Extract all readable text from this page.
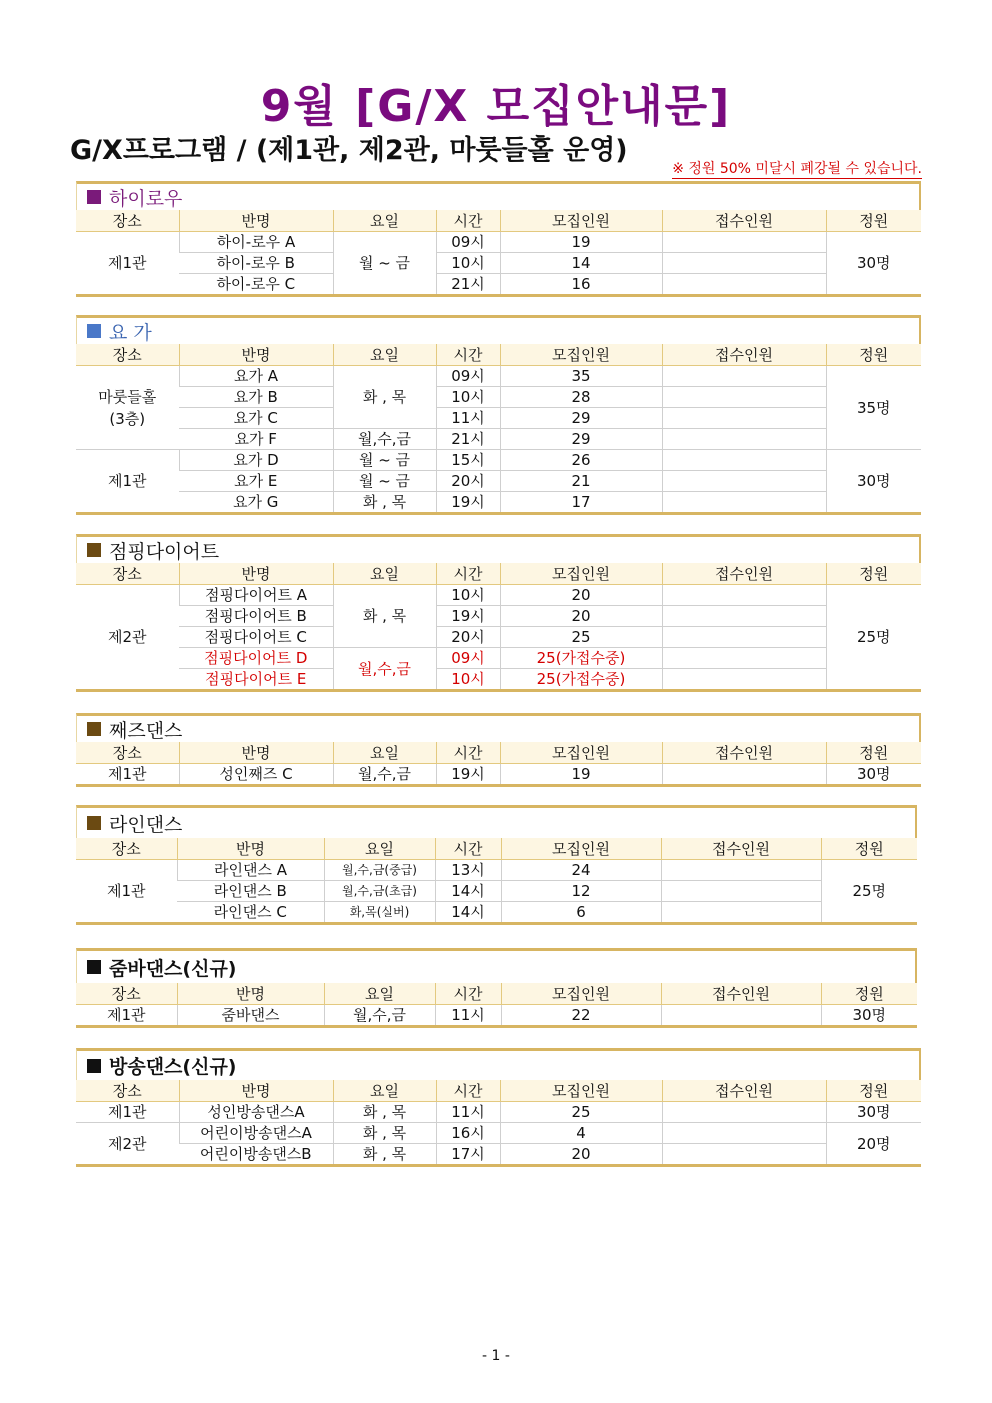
9월 [G/X 모집안내문]
G/X프로그램 / (제1관, 제2관, 마룻들홀 운영)
※ 정원 50% 미달시 폐강될 수 있습니다.
하이로우
장소	반명	요일	시간	모집인원	접수인원	정원
제1관	하이-로우 A	월 ~ 금	09시	19		30명
	하이-로우 B		10시	14		
	하이-로우 C		21시	16		
요 가
장소	반명	요일	시간	모집인원	접수인원	정원

마룻들홀
(3층)	요가 A	화 , 목	09시	35		35명
	요가 B		10시	28		
	요가 C		11시	29		
	요가 F	월,수,금	21시	29		
제1관	요가 D	월 ~ 금	15시	26		30명
	요가 E	월 ~ 금	20시	21		
	요가 G	화 , 목	19시	17		
점핑다이어트
장소	반명	요일	시간	모집인원	접수인원	정원
제2관	점핑다이어트 A	화 , 목	10시	20		25명
	점핑다이어트 B		19시	20		
	점핑다이어트 C		20시	25		
	점핑다이어트 D	월,수,금	09시	25(가접수중)		
	점핑다이어트 E		10시	25(가접수중)		
째즈댄스
장소	반명	요일	시간	모집인원	접수인원	정원
제1관	성인째즈 C	월,수,금	19시	19		30명
라인댄스
장소	반명	요일	시간	모집인원	접수인원	정원
제1관	라인댄스 A	월,수,금(중급)	13시	24		25명
	라인댄스 B	월,수,금(초급)	14시	12		
	라인댄스 C	화,목(실버)	14시	6		
줌바댄스(신규)
장소	반명	요일	시간	모집인원	접수인원	정원
제1관	줌바댄스	월,수,금	11시	22		30명
방송댄스(신규)
장소	반명	요일	시간	모집인원	접수인원	정원
제1관	성인방송댄스A	화 , 목	11시	25		30명
제2관	어린이방송댄스A	화 , 목	16시	4		20명
	어린이방송댄스B	화 , 목	17시	20		
- 1 -
